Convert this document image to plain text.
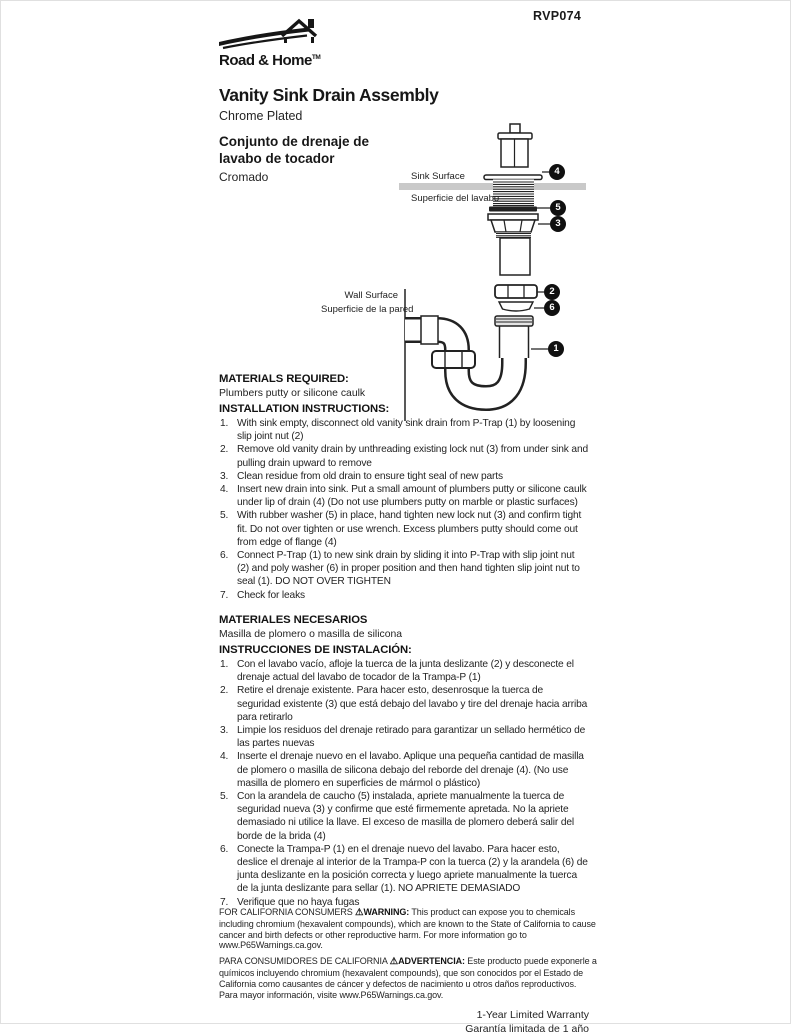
RVP074
Road & Home™
Vanity Sink Drain Assembly
Chrome Plated
Conjunto de drenaje de
lavabo de tocador
Cromado	Sink Surface
Superficie del lavabo
Wall Surface
Superficie de la pared
4
5
3
2
6
1
MATERIALS REQUIRED:
Plumbers putty or silicone caulk
INSTALLATION INSTRUCTIONS:
With sink empty, disconnect old vanity sink drain from P-Trap (1) by loosening slip joint nut (2)
Remove old vanity drain by unthreading existing lock nut (3) from under sink and pulling drain upward to remove
Clean residue from old drain to ensure tight seal of new parts
Insert new drain into sink. Put a small amount of plumbers putty or silicone caulk under lip of drain (4) (Do not use plumbers putty on marble or plastic surfaces)
With rubber washer (5) in place, hand tighten new lock nut (3) and confirm tight fit. Do not over tighten or use wrench. Excess plumbers putty should come out from edge of flange (4)
Connect P-Trap (1) to new sink drain by sliding it into P-Trap with slip joint nut (2) and poly washer (6) in proper position and then hand tighten slip joint nut to seal (1). DO NOT OVER TIGHTEN
Check for leaks
MATERIALES NECESARIOS
Masilla de plomero o masilla de silicona
INSTRUCCIONES DE INSTALACIÓN:
Con el lavabo vacío, afloje la tuerca de la junta deslizante (2) y desconecte el drenaje actual del lavabo de tocador de la Trampa-P (1)
Retire el drenaje existente. Para hacer esto, desenrosque la tuerca de seguridad existente (3) que está debajo del lavabo y tire del drenaje hacia arriba para retirarlo
Limpie los residuos del drenaje retirado para garantizar un sellado hermético de las partes nuevas
Inserte el drenaje nuevo en el lavabo. Aplique una pequeña cantidad de masilla de plomero o masilla de silicona debajo del reborde del drenaje (4). (No use masilla de plomero en superficies de mármol o plástico)
Con la arandela de caucho (5) instalada, apriete manualmente la tuerca de seguridad nueva (3) y confirme que esté firmemente apretada. No la apriete demasiado ni utilice la llave. El exceso de masilla de plomero deberá salir del borde de la brida (4)
Conecte la Trampa-P (1) en el drenaje nuevo del lavabo. Para hacer esto, deslice el drenaje al interior de la Trampa-P con la tuerca (2) y la arandela (6) de junta deslizante en la posición correcta y luego apriete manualmente la tuerca de la junta deslizante para sellar (1). NO APRIETE DEMASIADO
Verifique que no haya fugas

FOR CALIFORNIA CONSUMERS ⚠WARNING: This product can expose you to chemicals including chromium (hexavalent compounds), which are known to the State of California to cause cancer and birth defects or other reproductive harm. For more information go to www.P65Warnings.ca.gov.

PARA CONSUMIDORES DE CALIFORNIA ⚠ADVERTENCIA: Este producto puede exponerle a químicos incluyendo chromium (hexavalent compounds), que son conocidos por el Estado de California como causantes de cáncer y defectos de nacimiento u otros daños reproductivos. Para mayor información, visite www.P65Warnings.ca.gov.

1-Year Limited Warranty
Garantía limitada de 1 año
